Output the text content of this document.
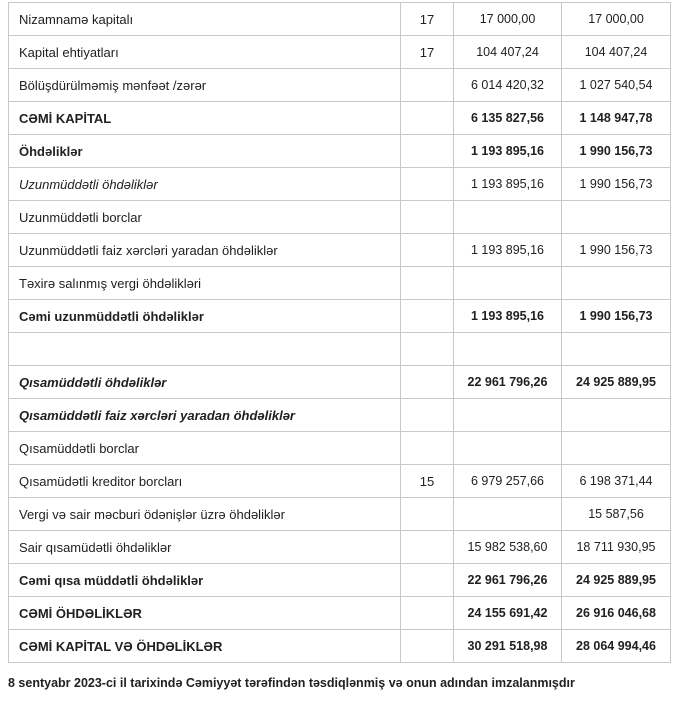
Nizamnamə kapitalı	17	17 000,00	17 000,00
Kapital ehtiyatları	17	104 407,24	104 407,24
Bölüşdürülməmiş mənfəət /zərər		6 014 420,32	1 027 540,54
CƏMİ KAPİTAL		6 135 827,56	1 148 947,78
Öhdəliklər		1 193 895,16	1 990 156,73
Uzunmüddətli öhdəliklər		1 193 895,16	1 990 156,73
Uzunmüddətli borclar			
Uzunmüddətli faiz xərcləri yaradan öhdəliklər		1 193 895,16	1 990 156,73
Təxirə salınmış vergi öhdəlikləri			
Cəmi uzunmüddətli öhdəliklər		1 193 895,16	1 990 156,73

Qısamüddətli öhdəliklər		22 961 796,26	24 925 889,95
Qısamüddətli faiz xərcləri yaradan öhdəliklər			
Qısamüddətli borclar			
Qısamüdətli kreditor borcları	15	6 979 257,66	6 198 371,44
Vergi və sair məcburi ödənişlər üzrə öhdəliklər			15 587,56
Sair qısamüdətli öhdəliklər		15 982 538,60	18 711 930,95
Cəmi qısa müddətli öhdəliklər		22 961 796,26	24 925 889,95
CƏMİ ÖHDƏLİKLƏR		24 155 691,42	26 916 046,68
CƏMİ KAPİTAL VƏ ÖHDƏLİKLƏR		30 291 518,98	28 064 994,46
8 sentyabr 2023-ci il tarixində Cəmiyyət tərəfindən təsdiqlənmiş və onun adından imzalanmışdır
